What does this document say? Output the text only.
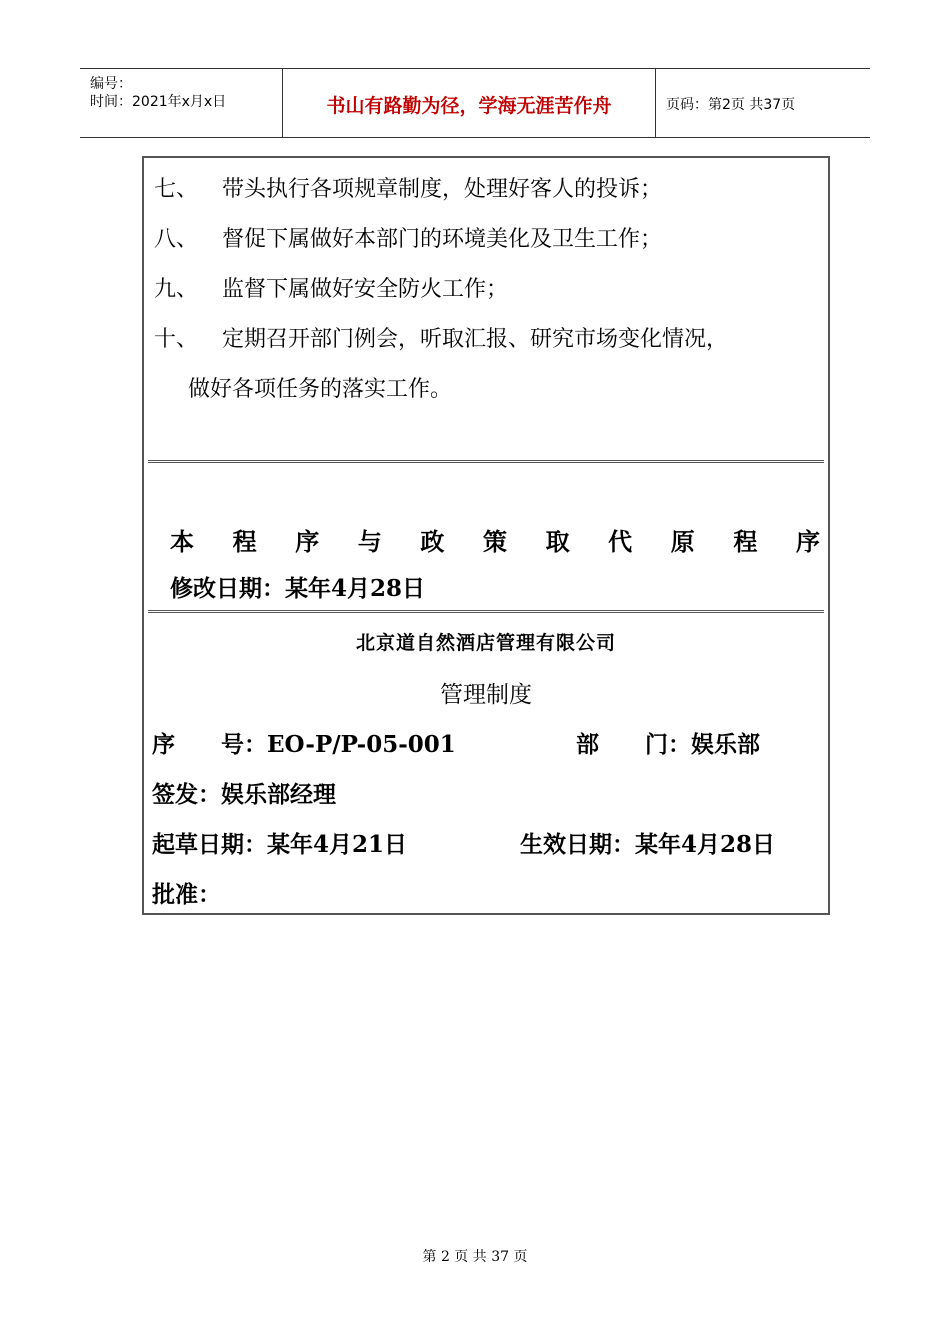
编号：
时间：2021年x月x日	书山有路勤为径，学海无涯苦作舟	页码：第2页 共37页
七、 带头执行各项规章制度，处理好客人的投诉；
八、 督促下属做好本部门的环境美化及卫生工作；
九、 监督下属做好安全防火工作；
十、 定期召开部门例会，听取汇报、研究市场变化情况，
做好各项任务的落实工作。
本 程 序 与 政 策 取 代 原 程 序
修改日期：某年4月28日
北京道自然酒店管理有限公司
管理制度
序　　号：EO-P/P-05-001	部　　门：娱乐部
签发：娱乐部经理
起草日期：某年4月21日	生效日期：某年4月28日
批准：
第 2 页 共 37 页
